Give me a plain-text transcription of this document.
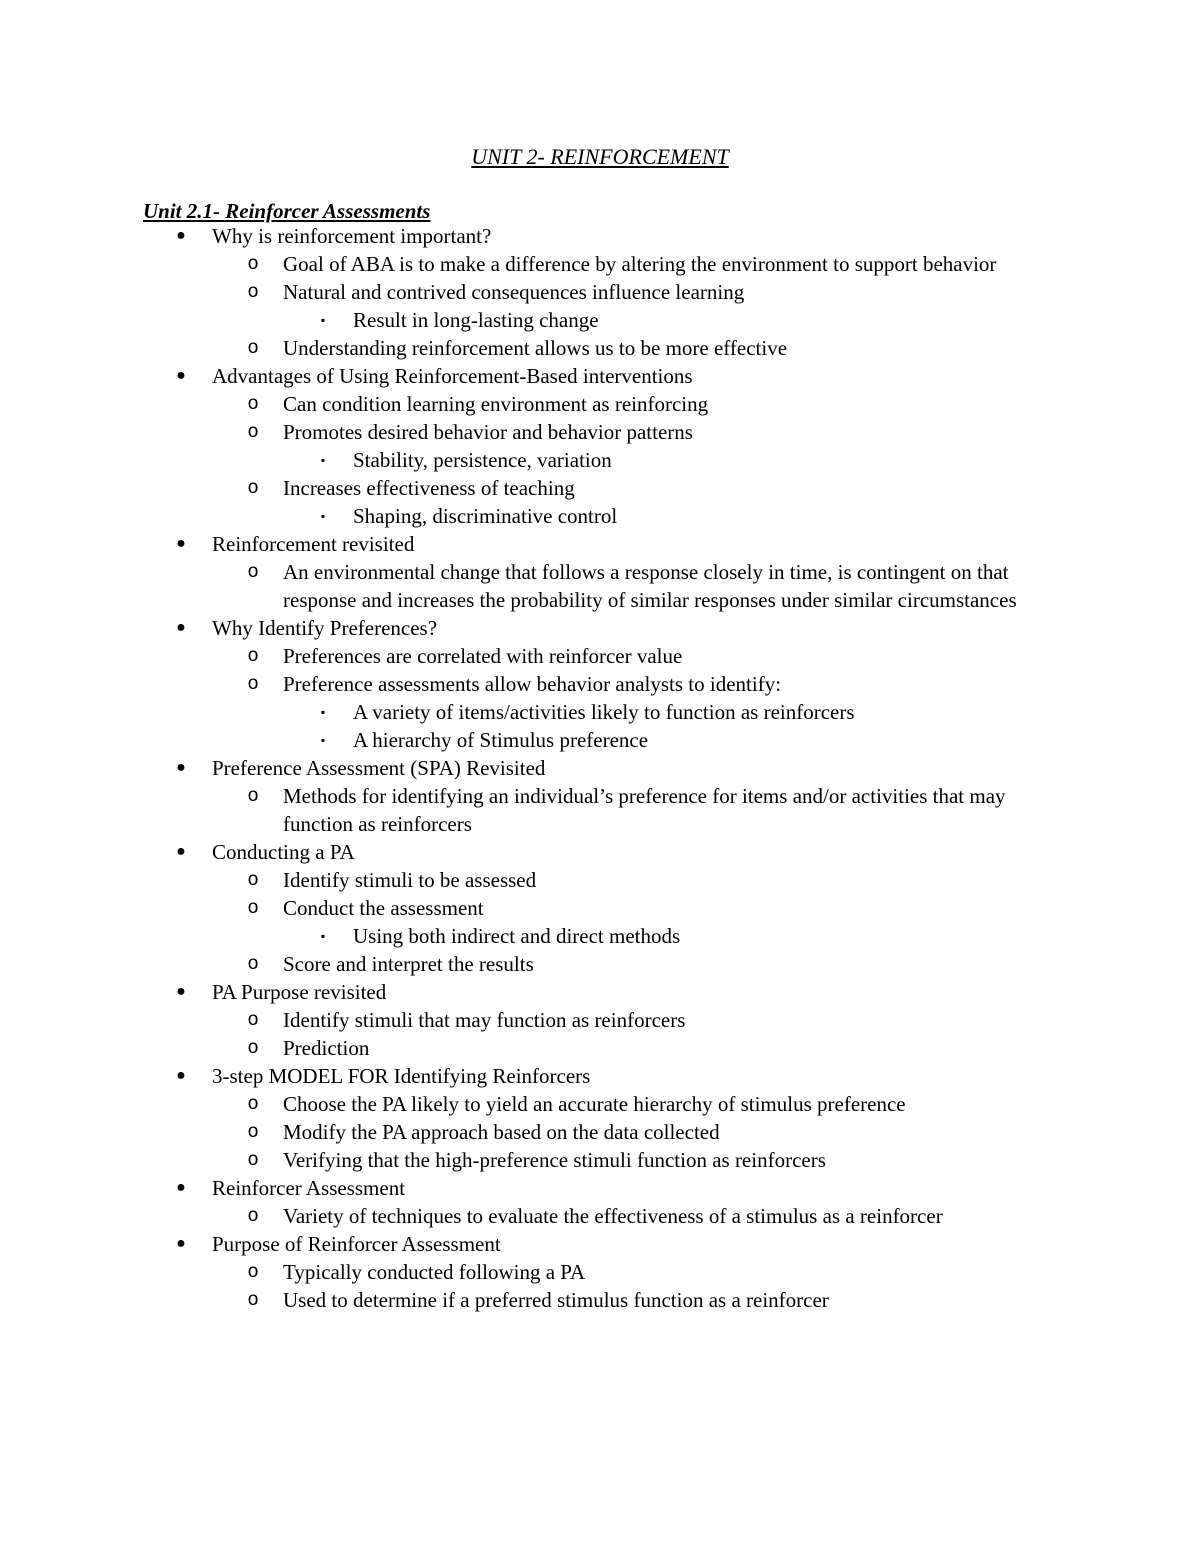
UNIT 2- REINFORCEMENT
Unit 2.1- Reinforcer Assessments
● Why is reinforcement important?
o Goal of ABA is to make a difference by altering the environment to support behavior
o Natural and contrived consequences influence learning
▪	Result in long-lasting change
o Understanding reinforcement allows us to be more effective
● Advantages of Using Reinforcement-Based interventions
o Can condition learning environment as reinforcing
o Promotes desired behavior and behavior patterns
▪	Stability, persistence, variation
o Increases effectiveness of teaching
▪	Shaping, discriminative control
● Reinforcement revisited
o An environmental change that follows a response closely in time, is contingent on that response and increases the probability of similar responses under similar circumstances
● Why Identify Preferences?
o Preferences are correlated with reinforcer value
o Preference assessments allow behavior analysts to identify:
▪	A variety of items/activities likely to function as reinforcers
▪	A hierarchy of Stimulus preference
● Preference Assessment (SPA) Revisited
o Methods for identifying an individual’s preference for items and/or activities that may function as reinforcers
● Conducting a PA
o Identify stimuli to be assessed
o Conduct the assessment
▪	Using both indirect and direct methods
o Score and interpret the results
● PA Purpose revisited
o Identify stimuli that may function as reinforcers
o Prediction
● 3-step MODEL FOR Identifying Reinforcers
o Choose the PA likely to yield an accurate hierarchy of stimulus preference
o Modify the PA approach based on the data collected
o Verifying that the high-preference stimuli function as reinforcers
● Reinforcer Assessment
o Variety of techniques to evaluate the effectiveness of a stimulus as a reinforcer
● Purpose of Reinforcer Assessment
o Typically conducted following a PA
o Used to determine if a preferred stimulus function as a reinforcer
